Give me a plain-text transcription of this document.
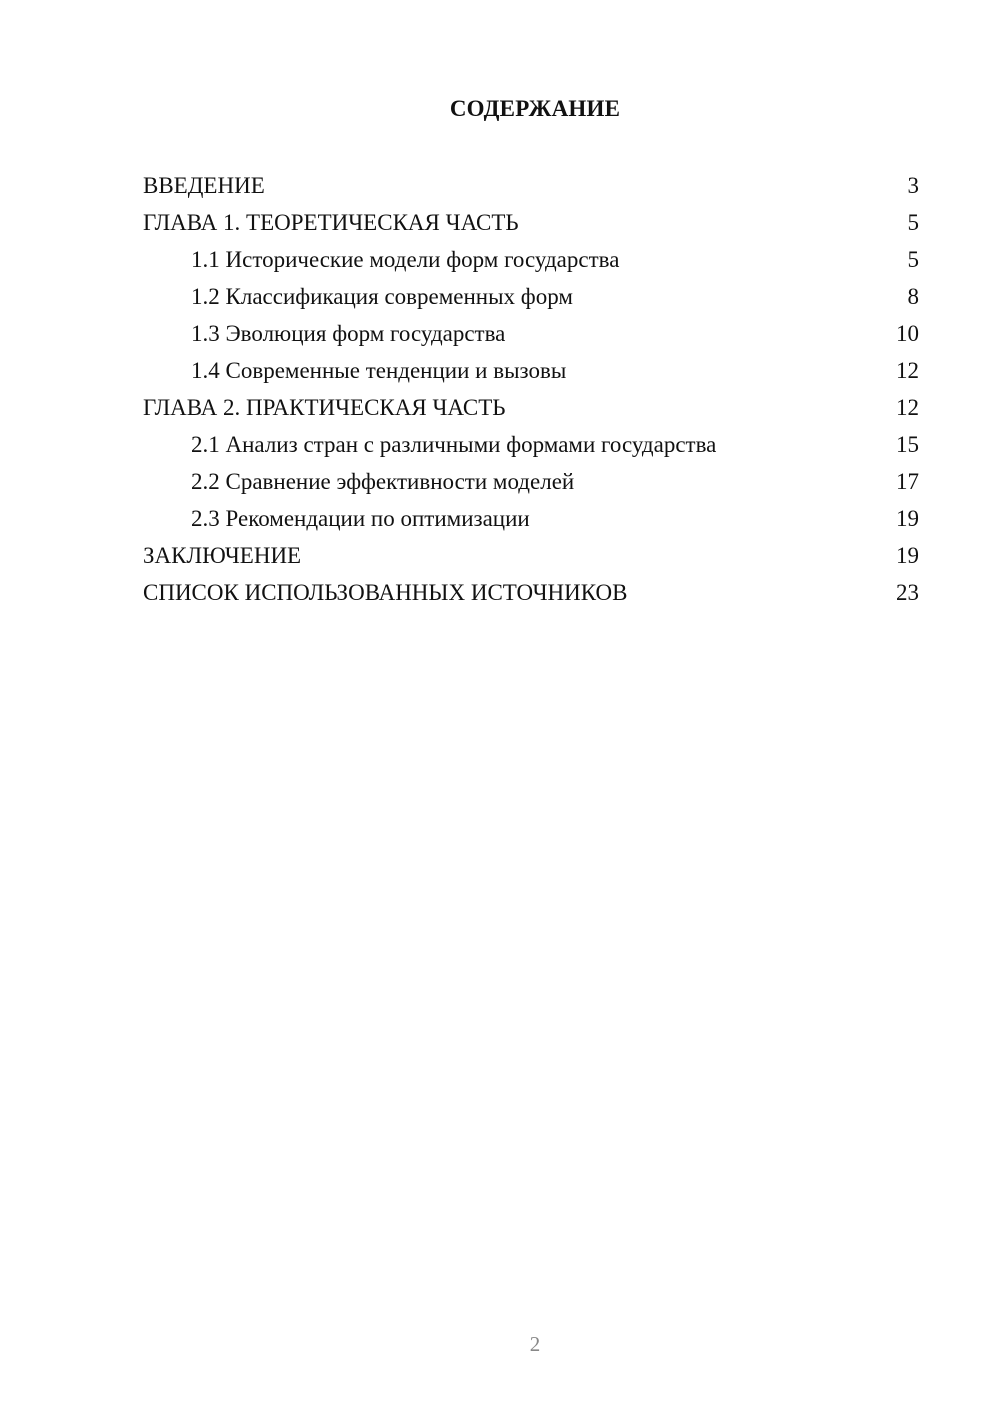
СОДЕРЖАНИЕ
ВВЕДЕНИЕ	3
ГЛАВА 1. ТЕОРЕТИЧЕСКАЯ ЧАСТЬ	5
1.1 Исторические модели форм государства	5
1.2 Классификация современных форм	8
1.3 Эволюция форм государства	10
1.4 Современные тенденции и вызовы	12
ГЛАВА 2. ПРАКТИЧЕСКАЯ ЧАСТЬ	12
2.1 Анализ стран с различными формами государства	15
2.2 Сравнение эффективности моделей	17
2.3 Рекомендации по оптимизации	19
ЗАКЛЮЧЕНИЕ	19
СПИСОК ИСПОЛЬЗОВАННЫХ ИСТОЧНИКОВ	23
2
